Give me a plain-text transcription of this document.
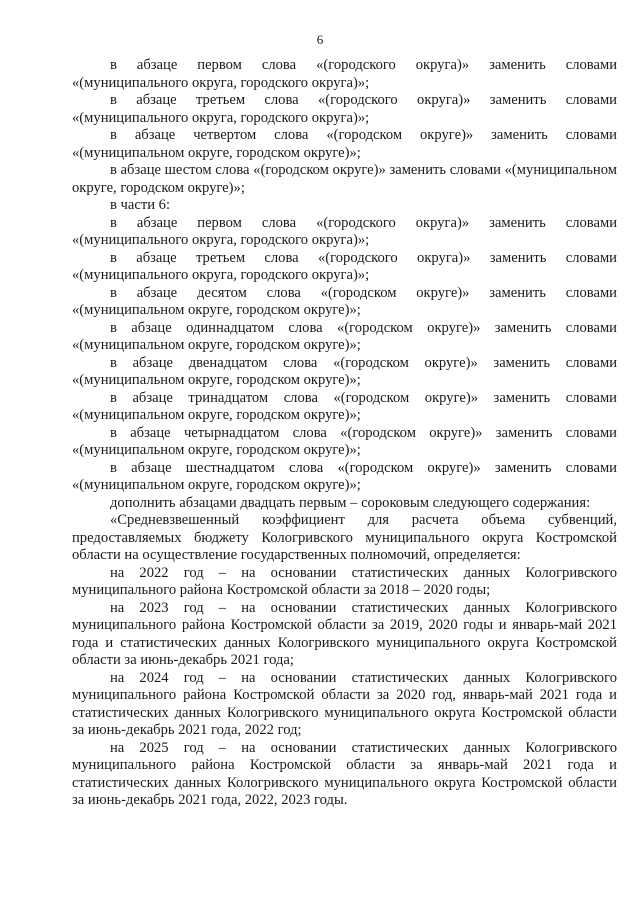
6

в абзаце первом слова «(городского округа)» заменить словами «(муниципального округа, городского округа)»;

в абзаце третьем слова «(городского округа)» заменить словами «(муниципального округа, городского округа)»;

в абзаце четвертом слова «(городском округе)» заменить словами «(муниципальном округе, городском округе)»;

в абзаце шестом слова «(городском округе)» заменить словами «(муниципальном округе, городском округе)»;

в части 6:

в абзаце первом слова «(городского округа)» заменить словами «(муниципального округа, городского округа)»;

в абзаце третьем слова «(городского округа)» заменить словами «(муниципального округа, городского округа)»;

в абзаце десятом слова «(городском округе)» заменить словами «(муниципальном округе, городском округе)»;

в абзаце одиннадцатом слова «(городском округе)» заменить словами «(муниципальном округе, городском округе)»;

в абзаце двенадцатом слова «(городском округе)» заменить словами «(муниципальном округе, городском округе)»;

в абзаце тринадцатом слова «(городском округе)» заменить словами «(муниципальном округе, городском округе)»;

в абзаце четырнадцатом слова «(городском округе)» заменить словами «(муниципальном округе, городском округе)»;

в абзаце шестнадцатом слова «(городском округе)» заменить словами «(муниципальном округе, городском округе)»;

дополнить абзацами двадцать первым – сороковым следующего содержания:

«Средневзвешенный коэффициент для расчета объема субвенций, предоставляемых бюджету Кологривского муниципального округа Костромской области на осуществление государственных полномочий, определяется:

на 2022 год – на основании статистических данных Кологривского муниципального района Костромской области за 2018 – 2020 годы;

на 2023 год – на основании статистических данных Кологривского муниципального района Костромской области за 2019, 2020 годы и январь-май 2021 года и статистических данных Кологривского муниципального округа Костромской области за июнь-декабрь 2021 года;

на 2024 год – на основании статистических данных Кологривского муниципального района Костромской области за 2020 год, январь-май 2021 года и статистических данных Кологривского муниципального округа Костромской области за июнь-декабрь 2021 года, 2022 год;

на 2025 год – на основании статистических данных Кологривского муниципального района Костромской области за январь-май 2021 года и статистических данных Кологривского муниципального округа Костромской области за июнь-декабрь 2021 года, 2022, 2023 годы.
